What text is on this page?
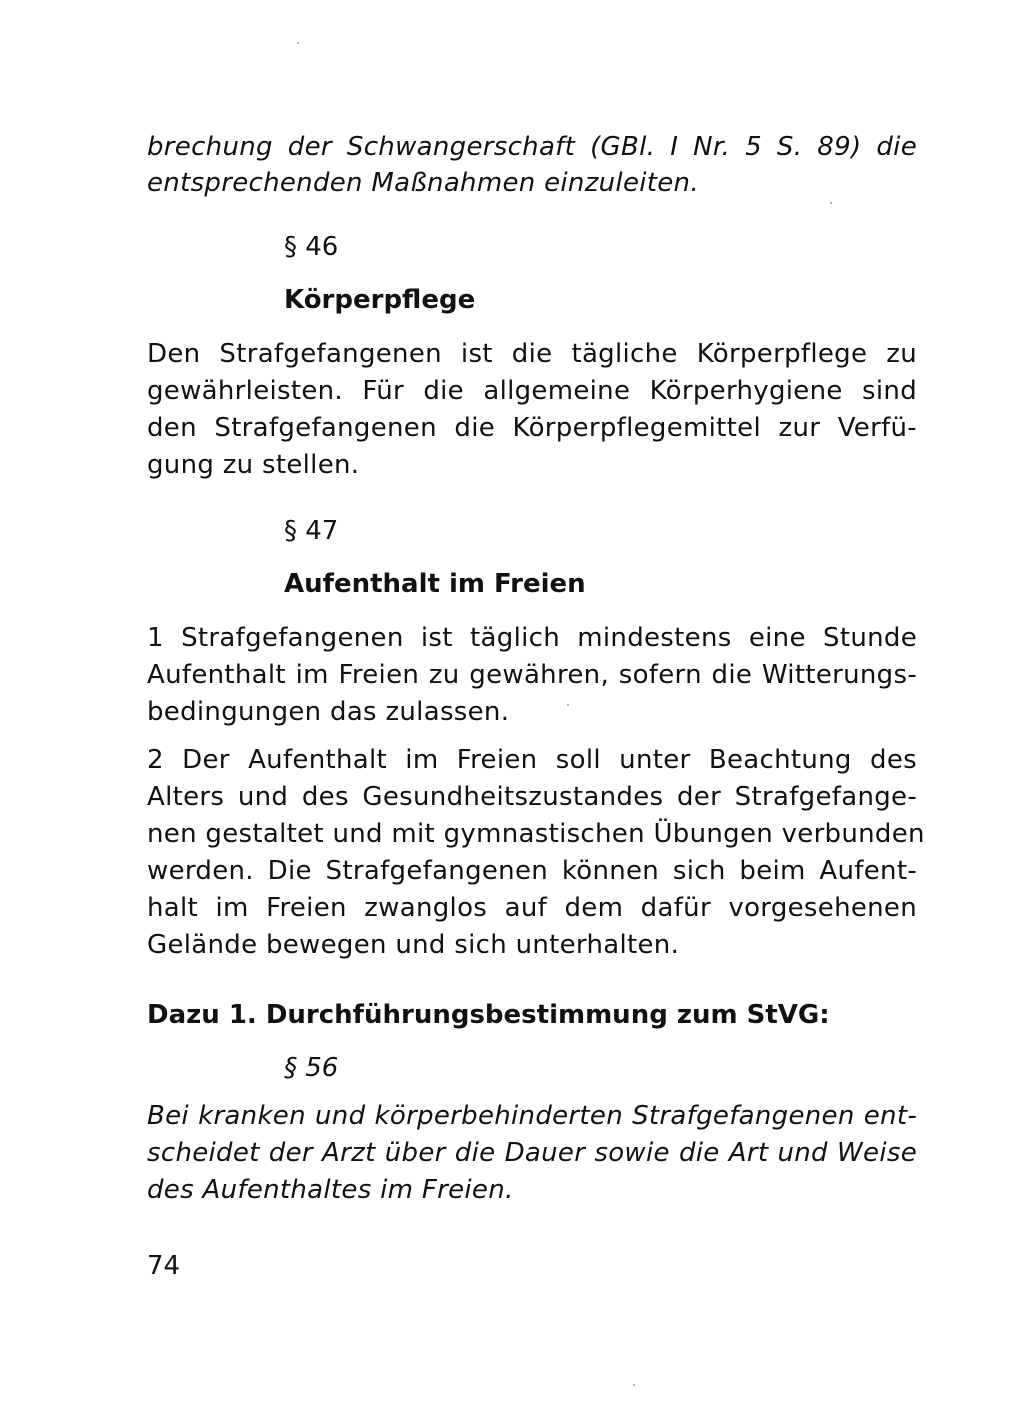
brechung der Schwangerschaft (GBl. I Nr. 5 S. 89) die
entsprechenden Maßnahmen einzuleiten.
§ 46
Körperpflege
Den Strafgefangenen ist die tägliche Körperpflege zu
gewährleisten. Für die allgemeine Körperhygiene sind
den Strafgefangenen die Körperpflegemittel zur Verfü-
gung zu stellen.
§ 47
Aufenthalt im Freien
1 Strafgefangenen ist täglich mindestens eine Stunde
Aufenthalt im Freien zu gewähren, sofern die Witterungs-
bedingungen das zulassen.
2 Der Aufenthalt im Freien soll unter Beachtung des
Alters und des Gesundheitszustandes der Strafgefange-
nen gestaltet und mit gymnastischen Übungen verbunden
werden. Die Strafgefangenen können sich beim Aufent-
halt im Freien zwanglos auf dem dafür vorgesehenen
Gelände bewegen und sich unterhalten.
Dazu 1. Durchführungsbestimmung zum StVG:
§ 56
Bei kranken und körperbehinderten Strafgefangenen ent-
scheidet der Arzt über die Dauer sowie die Art und Weise
des Aufenthaltes im Freien.
74
